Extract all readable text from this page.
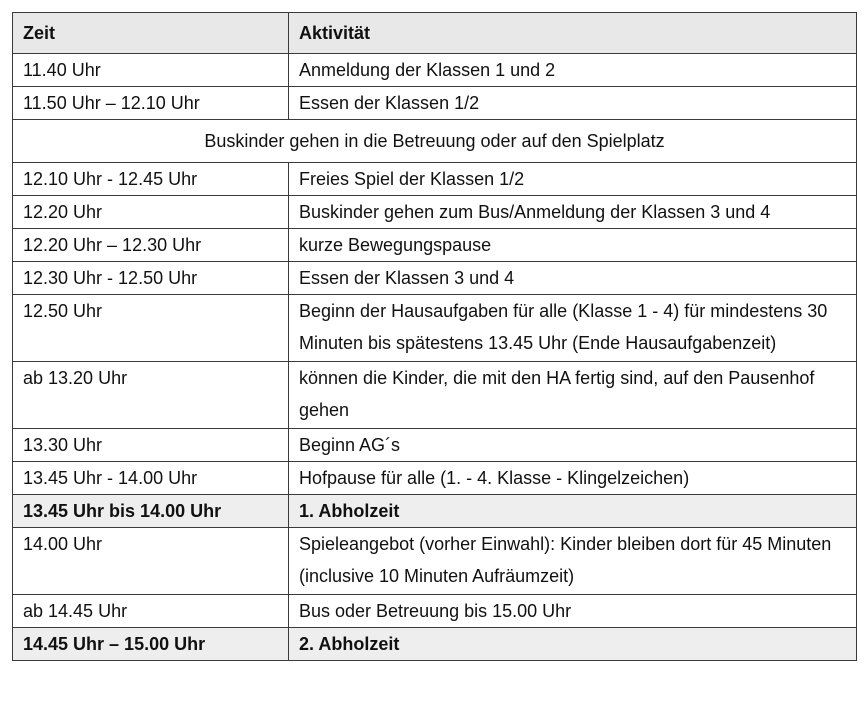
Zeit	Aktivität
11.40 Uhr	Anmeldung der Klassen 1 und 2
11.50 Uhr – 12.10 Uhr	Essen der Klassen 1/2
Buskinder gehen in die Betreuung oder auf den Spielplatz	
12.10 Uhr - 12.45 Uhr	Freies Spiel der Klassen 1/2
12.20 Uhr	Buskinder gehen zum Bus/Anmeldung der Klassen 3 und 4
12.20 Uhr – 12.30 Uhr	kurze Bewegungspause
12.30 Uhr - 12.50 Uhr	Essen der Klassen 3 und 4
12.50 Uhr	Beginn der Hausaufgaben für alle (Klasse 1 - 4) für mindestens 30 Minuten bis spätestens 13.45 Uhr (Ende Hausaufgabenzeit)
ab 13.20 Uhr	können die Kinder, die mit den HA fertig sind, auf den Pausenhof gehen
13.30 Uhr	Beginn AG´s
13.45 Uhr - 14.00 Uhr	Hofpause für alle (1. - 4. Klasse - Klingelzeichen)
13.45 Uhr bis 14.00 Uhr	1. Abholzeit
14.00 Uhr	Spieleangebot (vorher Einwahl): Kinder bleiben dort für 45 Minuten (inclusive 10 Minuten Aufräumzeit)
ab 14.45 Uhr	Bus oder Betreuung bis 15.00 Uhr
14.45 Uhr – 15.00 Uhr	2. Abholzeit
